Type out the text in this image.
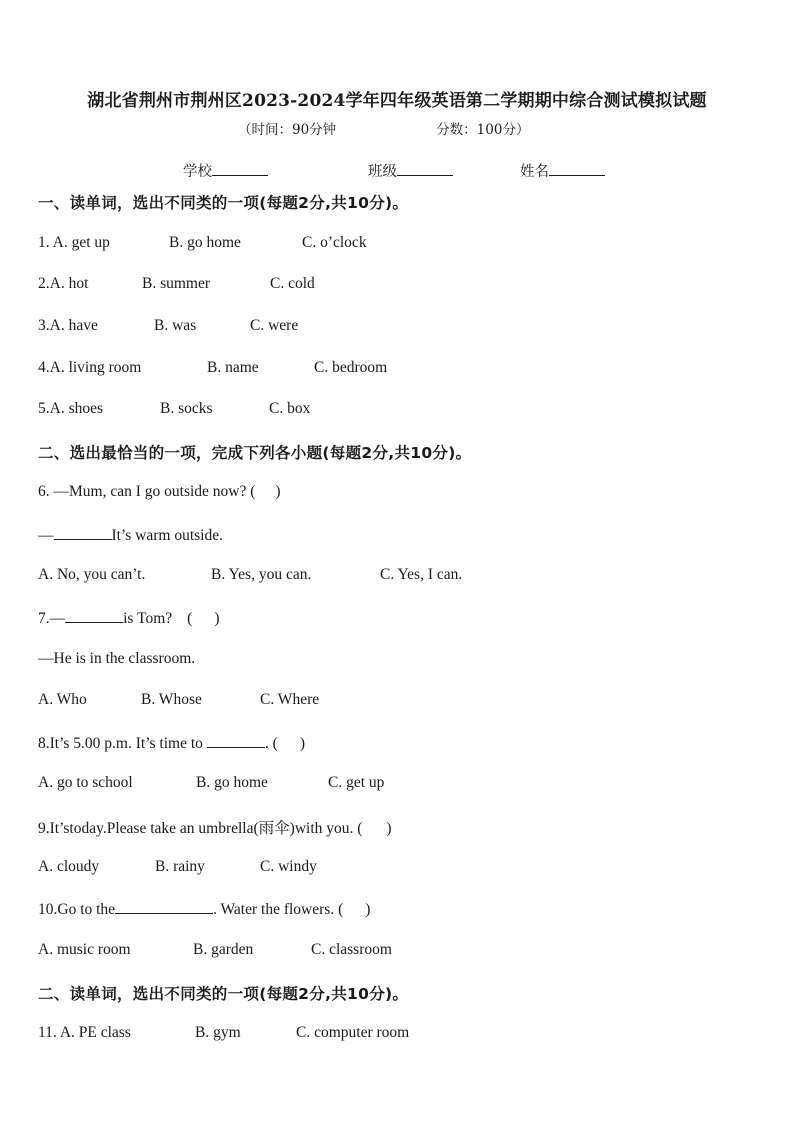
湖北省荆州市荆州区2023-2024学年四年级英语第二学期期中综合测试模拟试题
（时间：90分钟	分数：100分）
学校	班级	姓名
一、读单词，选出不同类的一项(每题2分,共10分)。
1. A. get up	B. go home	C. o’clock
2.A. hot	B. summer	C. cold
3.A. have	B. was	C. were
4.A. living room	B. name	C. bedroom
5.A. shoes	B. socks	C. box
二、选出最恰当的一项，完成下列各小题(每题2分,共10分)。
6. —Mum, can I go outside now? ( )
—	It’s warm outside.
A. No, you can’t.	B. Yes, you can.	C. Yes, I can.
7.—	is Tom? ( )
—He is in the classroom.
A. Who	B. Whose	C. Where
8.It’s 5.00 p.m. It’s time to	. ( )
A. go to school	B. go home	C. get up
9.It’stoday.Please take an umbrella(雨伞)with you. ( )
A. cloudy	B. rainy	C. windy
10.Go to the	. Water the flowers. ( )
A. music room	B. garden	C. classroom
二、读单词，选出不同类的一项(每题2分,共10分)。
11. A. PE class	B. gym	C. computer room
